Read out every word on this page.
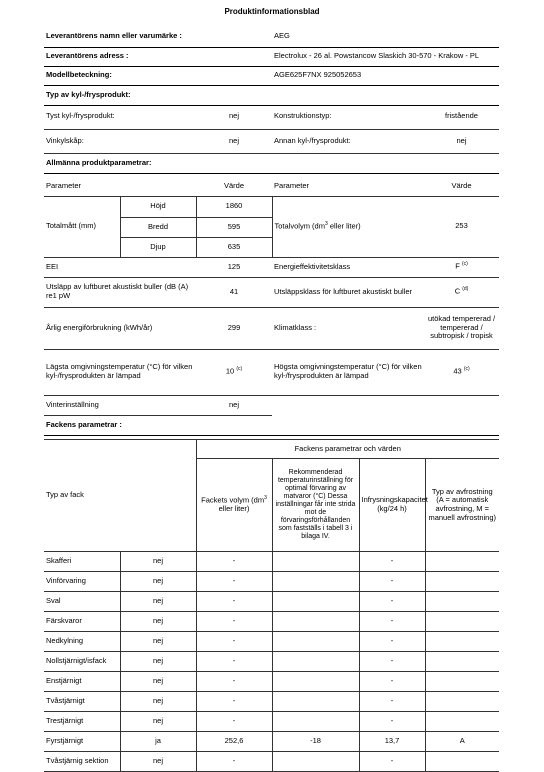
Produktinformationsblad
Leverantörens namn eller varumärke :	AEG
Leverantörens adress :	Electrolux - 26 al. Powstancow Slaskich 30-570 - Krakow - PL
Modellbeteckning:	AGE625F7NX 925052653
Typ av kyl-/frysprodukt:	
Tyst kyl-/frysprodukt:	nej	Konstruktionstyp:	fristående
Vinkylskåp:	nej	Annan kyl-/frysprodukt:	nej
Allmänna produktparametrar:			
Parameter		Värde	Parameter	Värde
Totalmått (mm)	Höjd	1860	Totalvolym ($dm^3$ eller liter)	253
	Bredd	595		
	Djup	635		
EEI		125	Energieffektivitetsklass	F $^{(c)}$
Utsläpp av luftburet akustiskt buller (dB (A) re1 pW		41	Utsläppsklass för luftburet akustiskt buller	C $^{(d)}$
Årlig energiförbrukning (kWh/år)		299	Klimatklass :	utökad tempererad / tempererad / subtropisk / tropisk
Lägsta omgivningstemperatur (°C) för vilken kyl-/frysprodukten är lämpad		10 $^{(c)}$	Högsta omgivningstemperatur (°C) för vilken kyl-/frysprodukten är lämpad	43 $^{(c)}$
Vinterinställning		nej		
Fackens parametrar :				
Typ av fack		Fackens parametrar och värden			
		Fackets volym ($dm^3$ eller liter)	Rekommenderad temperaturinställning för optimal förvaring av matvaror (°C) Dessa inställningar får inte strida mot de förvaringsförhållanden som fastställs i tabell 3 i bilaga IV.	Infrysningskapacitet (kg/24 h)	Typ av avfrostning (A = automatisk avfrostning, M = manuell avfrostning)
Skafferi	nej	-		-	
Vinförvaring	nej	-		-	
Sval	nej	-		-	
Färskvaror	nej	-		-	
Nedkylning	nej	-		-	
Nollstjärnigt/isfack	nej	-		-	
Enstjärnigt	nej	-		-	
Tvåstjärnigt	nej	-		-	
Trestjärnigt	nej	-		-	
Fyrstjärnigt	ja	252,6	-18	13,7	A
Tvåstjärnig sektion	nej	-		-	
